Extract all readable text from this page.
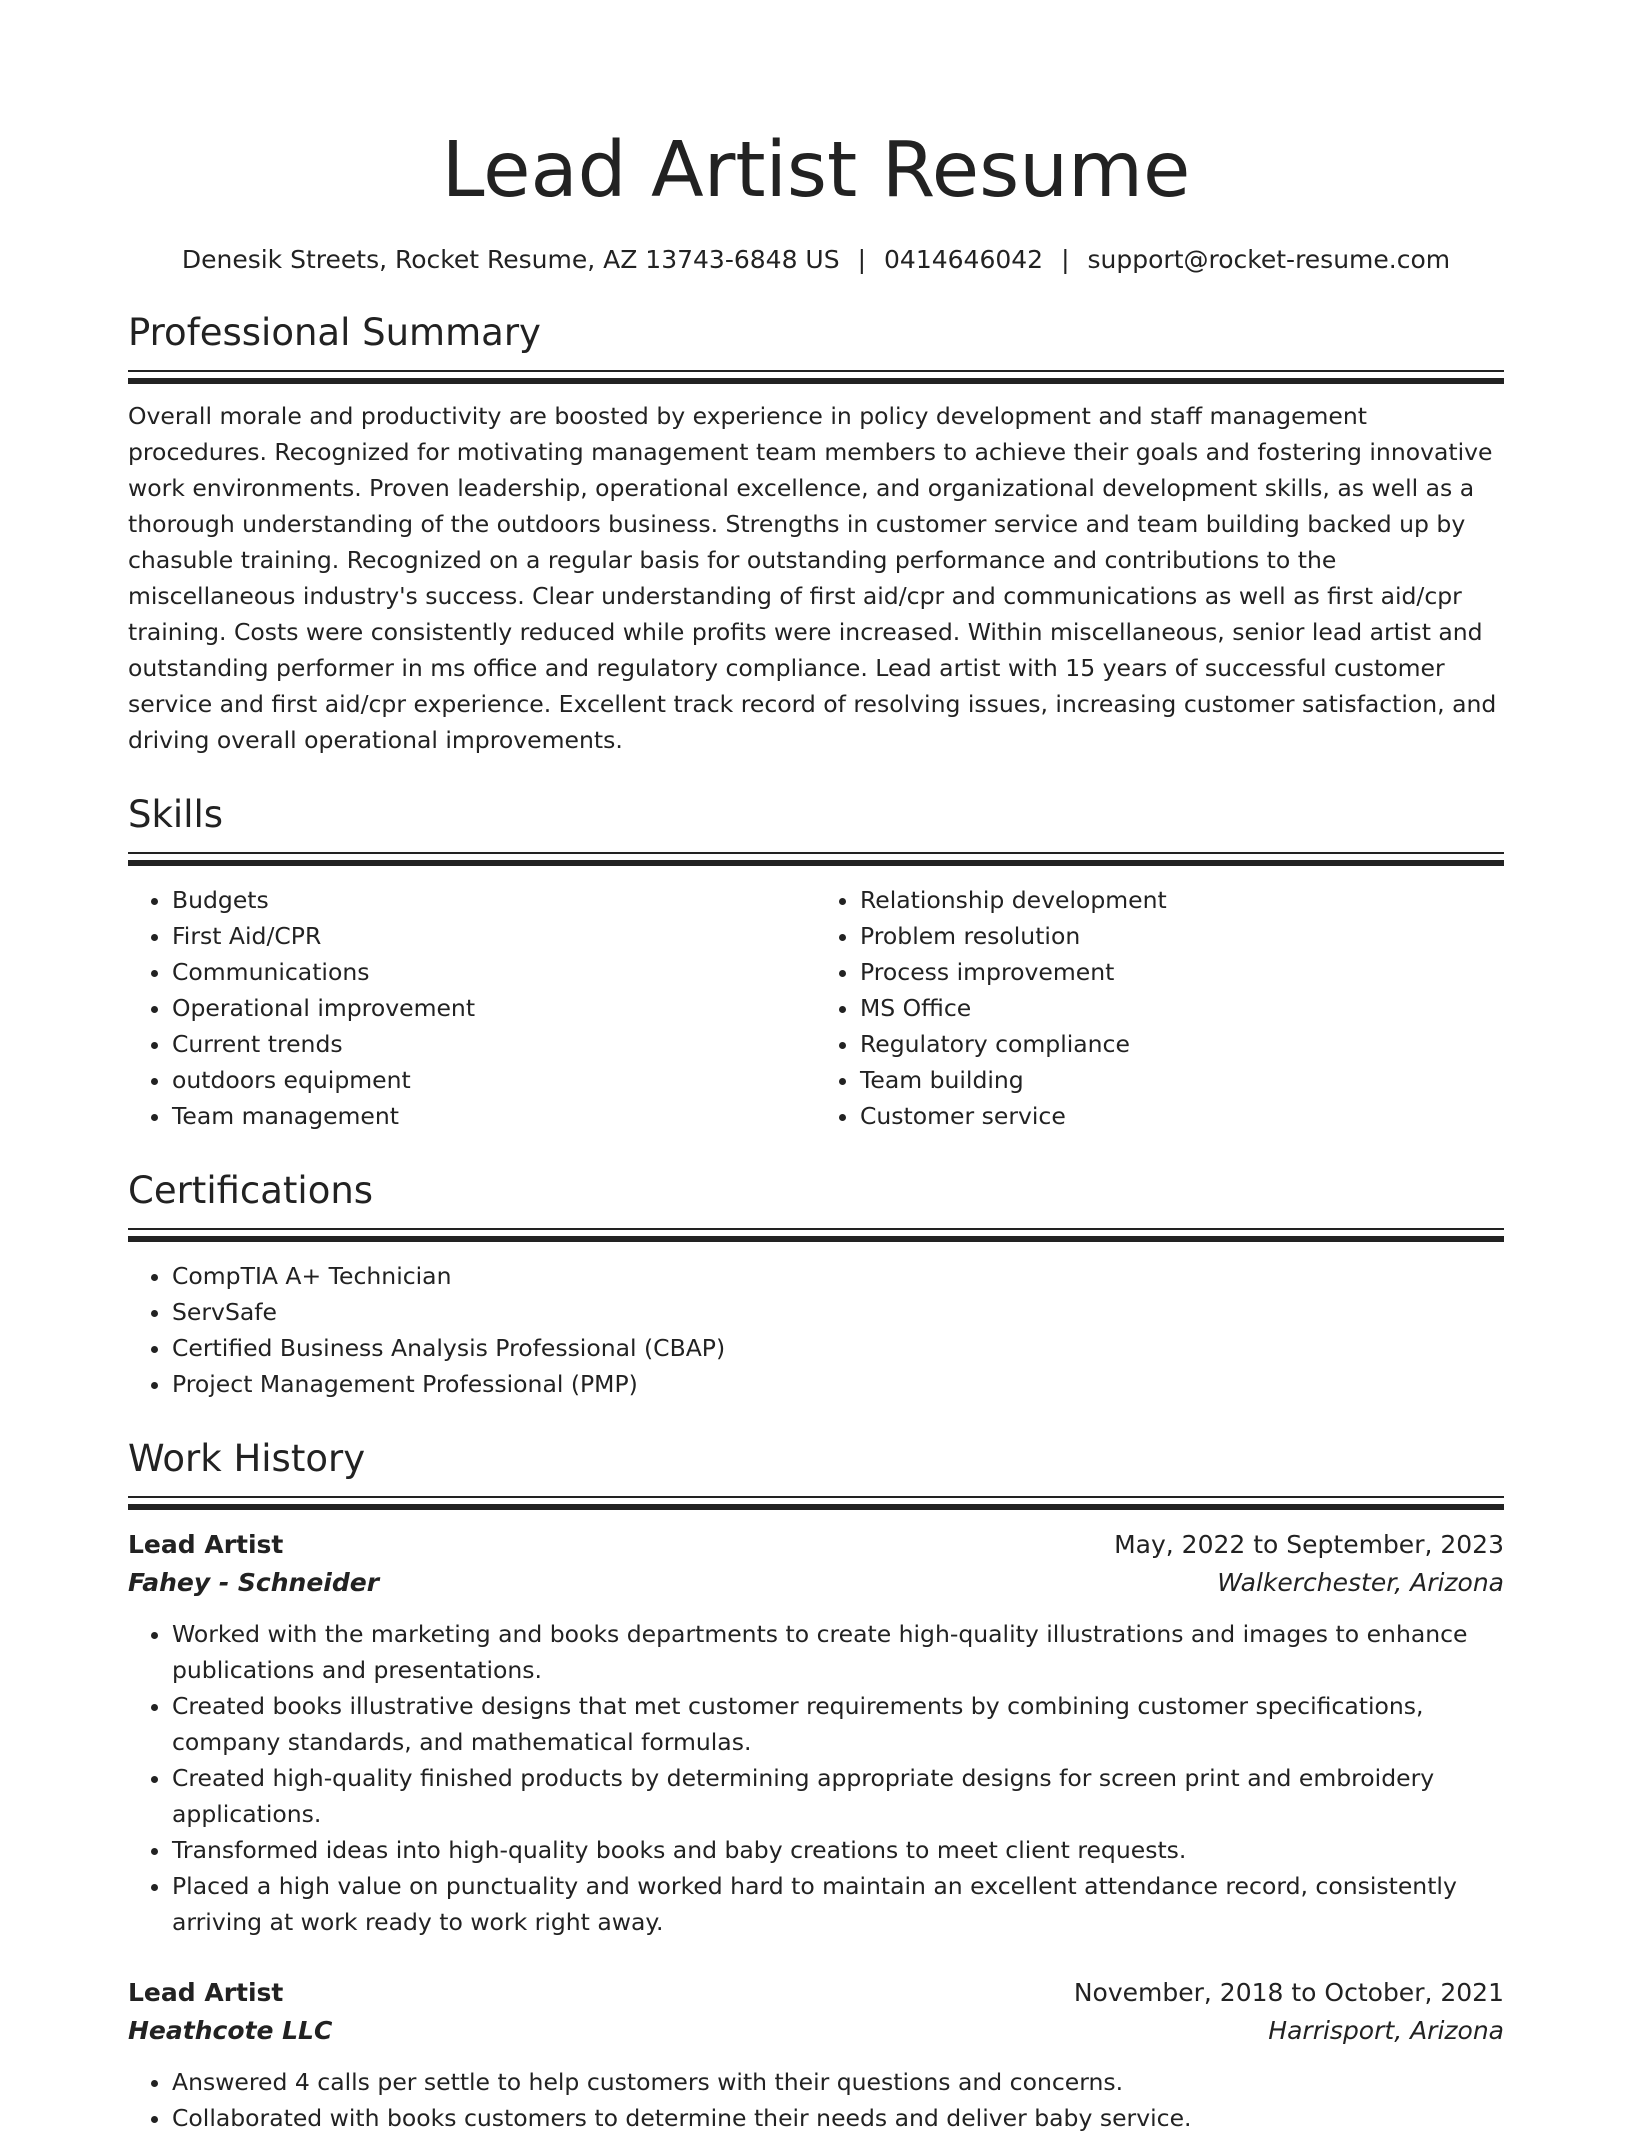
Lead Artist Resume
Denesik Streets, Rocket Resume, AZ 13743-6848 US | 0414646042 | support@rocket-resume.com
Professional Summary

Overall morale and productivity are boosted by experience in policy development and staff management procedures. Recognized for motivating management team members to achieve their goals and fostering innovative work environments. Proven leadership, operational excellence, and organizational development skills, as well as a thorough understanding of the outdoors business. Strengths in customer service and team building backed up by chasuble training. Recognized on a regular basis for outstanding performance and contributions to the miscellaneous industry's success. Clear understanding of first aid/cpr and communications as well as first aid/cpr training. Costs were consistently reduced while profits were increased. Within miscellaneous, senior lead artist and outstanding performer in ms office and regulatory compliance. Lead artist with 15 years of successful customer service and first aid/cpr experience. Excellent track record of resolving issues, increasing customer satisfaction, and driving overall operational improvements.

Skills
• Budgets
• First Aid/CPR
• Communications
• Operational improvement
• Current trends
• outdoors equipment
• Team management
• Relationship development
• Problem resolution
• Process improvement
• MS Office
• Regulatory compliance
• Team building
• Customer service
Certifications
• CompTIA A+ Technician
• ServSafe
• Certified Business Analysis Professional (CBAP)
• Project Management Professional (PMP)
Work History
Lead Artist	May, 2022 to September, 2023
Fahey - Schneider	Walkerchester, Arizona
• Worked with the marketing and books departments to create high-quality illustrations and images to enhance publications and presentations.
• Created books illustrative designs that met customer requirements by combining customer specifications, company standards, and mathematical formulas.
• Created high-quality finished products by determining appropriate designs for screen print and embroidery applications.
• Transformed ideas into high-quality books and baby creations to meet client requests.
• Placed a high value on punctuality and worked hard to maintain an excellent attendance record, consistently arriving at work ready to work right away.
Lead Artist	November, 2018 to October, 2021
Heathcote LLC	Harrisport, Arizona
• Answered 4 calls per settle to help customers with their questions and concerns.
• Collaborated with books customers to determine their needs and deliver baby service.
